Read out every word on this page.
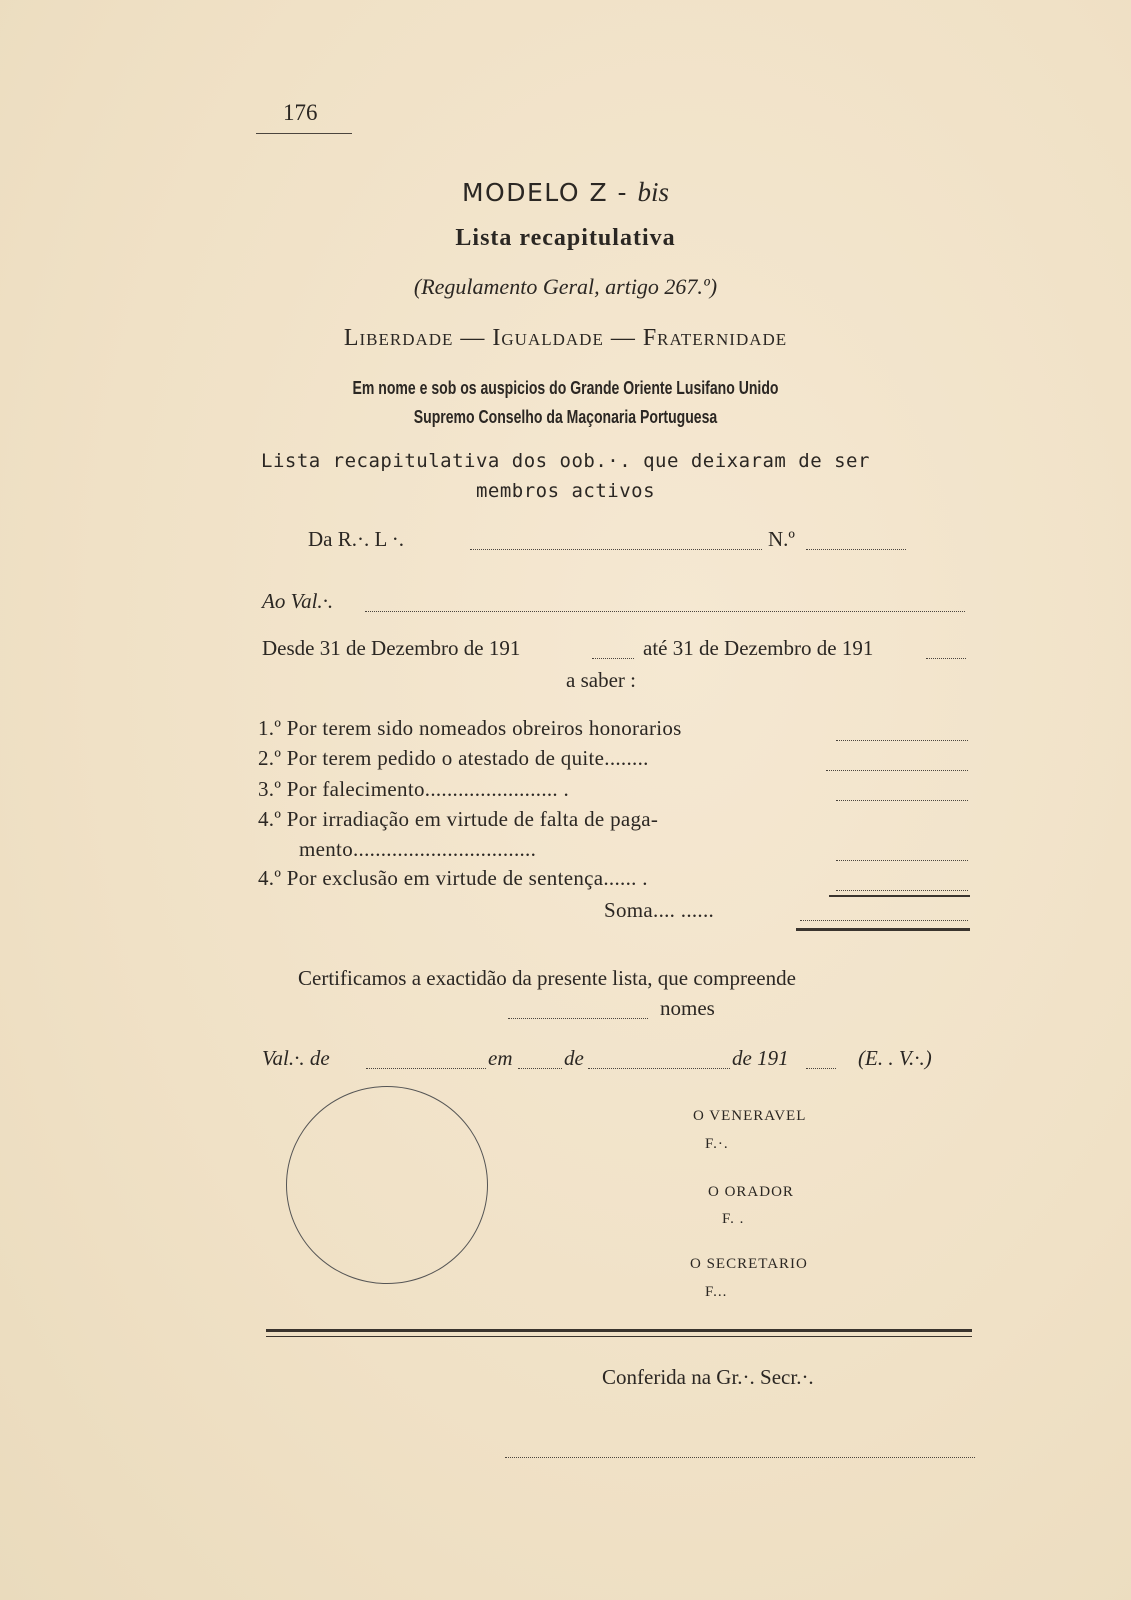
176
MODELO Z - bis
Lista recapitulativa
(Regulamento Geral, artigo 267.º)
Liberdade — Igualdade — Fraternidade
Em nome e sob os auspicios do Grande Oriente Lusifano Unido
Supremo Conselho da Maçonaria Portuguesa
Lista recapitulativa dos oob.·. que deixaram de ser
membros activos
Da R.·. L ·.	N.º
Ao Val.·.
Desde 31 de Dezembro de 191	até 31 de Dezembro de 191
a saber :
1.º Por terem sido nomeados obreiros honorarios
2.º Por terem pedido o atestado de quite........
3.º Por falecimento........................ .
4.º Por irradiação em virtude de falta de paga-
mento.................................
4.º Por exclusão em virtude de sentença...... .
Soma.... ......
Certificamos a exactidão da presente lista, que compreende
nomes
Val.·. de	em de	de 191	(E. . V.·.)
O VENERAVEL
F.·.
O ORADOR
F. .
O SECRETARIO
F...
Conferida na Gr.·. Secr.·.
